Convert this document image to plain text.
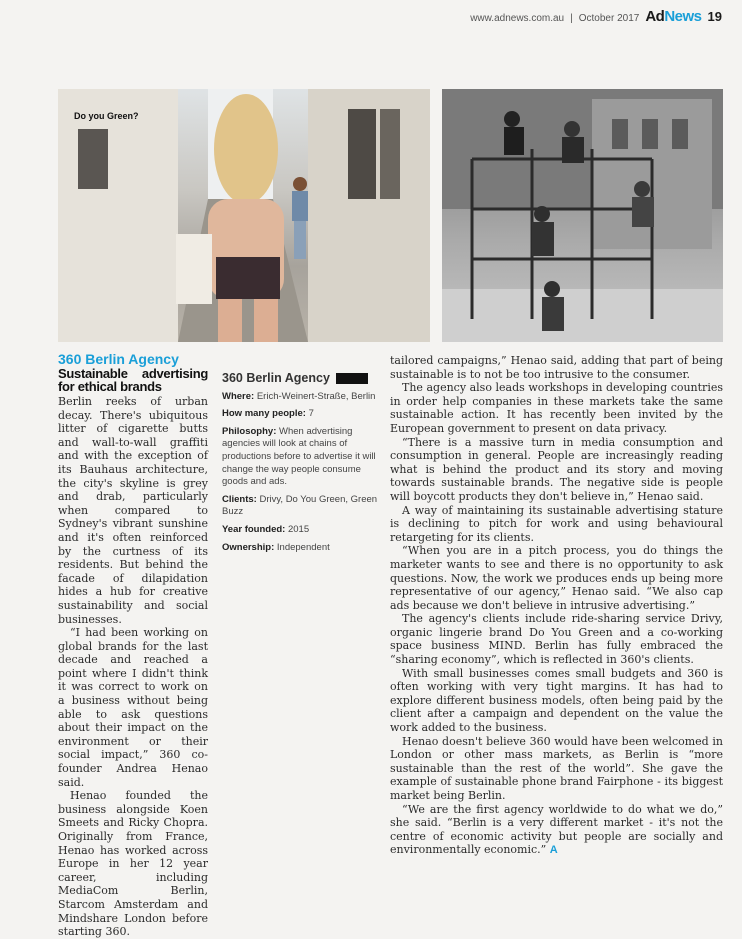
www.adnews.com.au | October 2017 AdNews 19
Do you Green?
360 Berlin Agency
Sustainable advertising for ethical brands

Berlin reeks of urban decay. There's ubiquitous litter of cigarette butts and wall-to-wall graffiti and with the exception of its Bauhaus architecture, the city's skyline is grey and drab, particularly when compared to Sydney's vibrant sunshine and it's often reinforced by the curtness of its residents. But behind the facade of dilapidation hides a hub for creative sustainability and social businesses.

“I had been working on global brands for the last decade and reached a point where I didn't think it was correct to work on a business without being able to ask questions about their impact on the environment or their social impact,” 360 co-founder Andrea Henao said.

Henao founded the business alongside Koen Smeets and Ricky Chopra. Originally from France, Henao has worked across Europe in her 12 year career, including MediaCom Berlin, Starcom Amsterdam and Mindshare London before starting 360.

360 Berlin Agency
Where: Erich-Weinert-Straße, Berlin
How many people: 7
Philosophy: When advertising agencies will look at chains of productions before to advertise it will change the way people consume goods and ads.
Clients: Drivy, Do You Green, Green Buzz
Year founded: 2015
Ownership: Independent

tailored campaigns,” Henao said, adding that part of being sustainable is to not be too intrusive to the consumer.

The agency also leads workshops in developing countries in order help companies in these markets take the same sustainable action. It has recently been invited by the European government to present on data privacy.

“There is a massive turn in media consumption and consumption in general. People are increasingly reading what is behind the product and its story and moving towards sustainable brands. The negative side is people will boycott products they don't believe in,” Henao said.

A way of maintaining its sustainable advertising stature is declining to pitch for work and using behavioural retargeting for its clients.

“When you are in a pitch process, you do things the marketer wants to see and there is no opportunity to ask questions. Now, the work we produces ends up being more representative of our agency,” Henao said. “We also cap ads because we don't believe in intrusive advertising.”

The agency's clients include ride-sharing service Drivy, organic lingerie brand Do You Green and a co-working space business MIND. Berlin has fully embraced the “sharing economy”, which is reflected in 360's clients.

With small businesses comes small budgets and 360 is often working with very tight margins. It has had to explore different business models, often being paid by the client after a campaign and dependent on the value the work added to the business.

Henao doesn't believe 360 would have been welcomed in London or other mass markets, as Berlin is “more sustainable than the rest of the world”. She gave the example of sustainable phone brand Fairphone - its biggest market being Berlin.

“We are the first agency worldwide to do what we do,” she said. “Berlin is a very different market - it's not the centre of economic activity but people are socially and environmentally economic.” A
